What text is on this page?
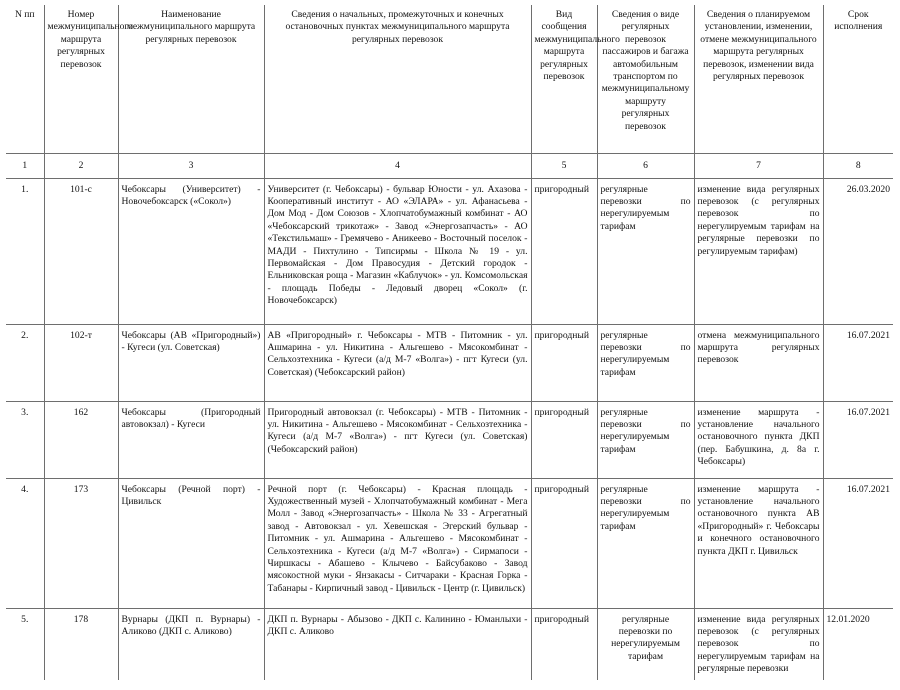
N пп	Номер межмуниципального маршрута регулярных перевозок	Наименование межмуниципального маршрута регулярных перевозок	Сведения о начальных, промежуточных и конечных остановочных пунктах межмуниципального маршрута регулярных перевозок	Вид сообщения межмуниципального маршрута регулярных перевозок	Сведения о виде регулярных перевозок пассажиров и багажа автомобильным транспортом по межмуниципальному маршруту регулярных перевозок	Сведения о планируемом установлении, изменении, отмене межмуниципального маршрута регулярных перевозок, изменении вида регулярных перевозок	Срок исполнения
1	2	3	4	5	6	7	8
1.	101-с	Чебоксары (Университет) - Новочебоксарск («Сокол»)	Университет (г. Чебоксары) - бульвар Юности - ул. Ахазова - Кооперативный институт - АО «ЭЛАРА» - ул. Афанасьева - Дом Мод - Дом Союзов - Хлопчатобумажный комбинат - АО «Чебоксарский трикотаж» - Завод «Энергозапчасть» - АО «Текстильмаш» - Гремячево - Аникеево - Восточный поселок - МАДИ - Пихтулино - Типсирмы - Школа № 19 - ул. Первомайская - Дом Правосудия - Детский городок - Ельниковская роща - Магазин «Каблучок» - ул. Комсомольская - площадь Победы - Ледовый дворец «Сокол» (г. Новочебоксарск)	пригородный	регулярные перевозки по нерегулируемым тарифам	изменение вида регулярных перевозок (с регулярных перевозок по нерегулируемым тарифам на регулярные перевозки по регулируемым тарифам)	26.03.2020
2.	102-т	Чебоксары (АВ «Пригородный») - Кугеси (ул. Советская)	АВ «Пригородный» г. Чебоксары - МТВ - Питомник - ул. Ашмарина - ул. Никитина - Альгешево - Мясокомбинат - Сельхозтехника - Кугеси (а/д М-7 «Волга») - пгт Кугеси (ул. Советская) (Чебоксарский район)	пригородный	регулярные перевозки по нерегулируемым тарифам	отмена межмуниципального маршрута регулярных перевозок	16.07.2021
3.	162	Чебоксары (Пригородный автовокзал) - Кугеси	Пригородный автовокзал (г. Чебоксары) - МТВ - Питомник - ул. Никитина - Альгешево - Мясокомбинат - Сельхозтехника - Кугеси (а/д М-7 «Волга») - пгт Кугеси (ул. Советская) (Чебоксарский район)	пригородный	регулярные перевозки по нерегулируемым тарифам	изменение маршрута - установление начального остановочного пункта ДКП (пер. Бабушкина, д. 8а г. Чебоксары)	16.07.2021
4.	173	Чебоксары (Речной порт) - Цивильск	Речной порт (г. Чебоксары) - Красная площадь - Художественный музей - Хлопчатобумажный комбинат - Мега Молл - Завод «Энергозапчасть» - Школа № 33 - Агрегатный завод - Автовокзал - ул. Хевешская - Эгерский бульвар - Питомник - ул. Ашмарина - Альгешево - Мясокомбинат - Сельхозтехника - Кугеси (а/д М-7 «Волга») - Сирмапоси - Чиршкасы - Абашево - Клычево - Байсубаково - Завод мясокостной муки - Янзакасы - Ситчараки - Красная Горка - Табанары - Кирпичный завод - Цивильск - Центр (г. Цивильск)	пригородный	регулярные перевозки по нерегулируемым тарифам	изменение маршрута - установление начального остановочного пункта АВ «Пригородный» г. Чебоксары и конечного остановочного пункта ДКП г. Цивильск	16.07.2021
5.	178	Вурнары (ДКП п. Вурнары) - Аликово (ДКП с. Аликово)	ДКП п. Вурнары - Абызово - ДКП с. Калинино - Юманлыхи - ДКП с. Аликово	пригородный	регулярные перевозки по нерегулируемым тарифам	изменение вида регулярных перевозок (с регулярных перевозок по нерегулируемым тарифам на регулярные перевозки	12.01.2020
